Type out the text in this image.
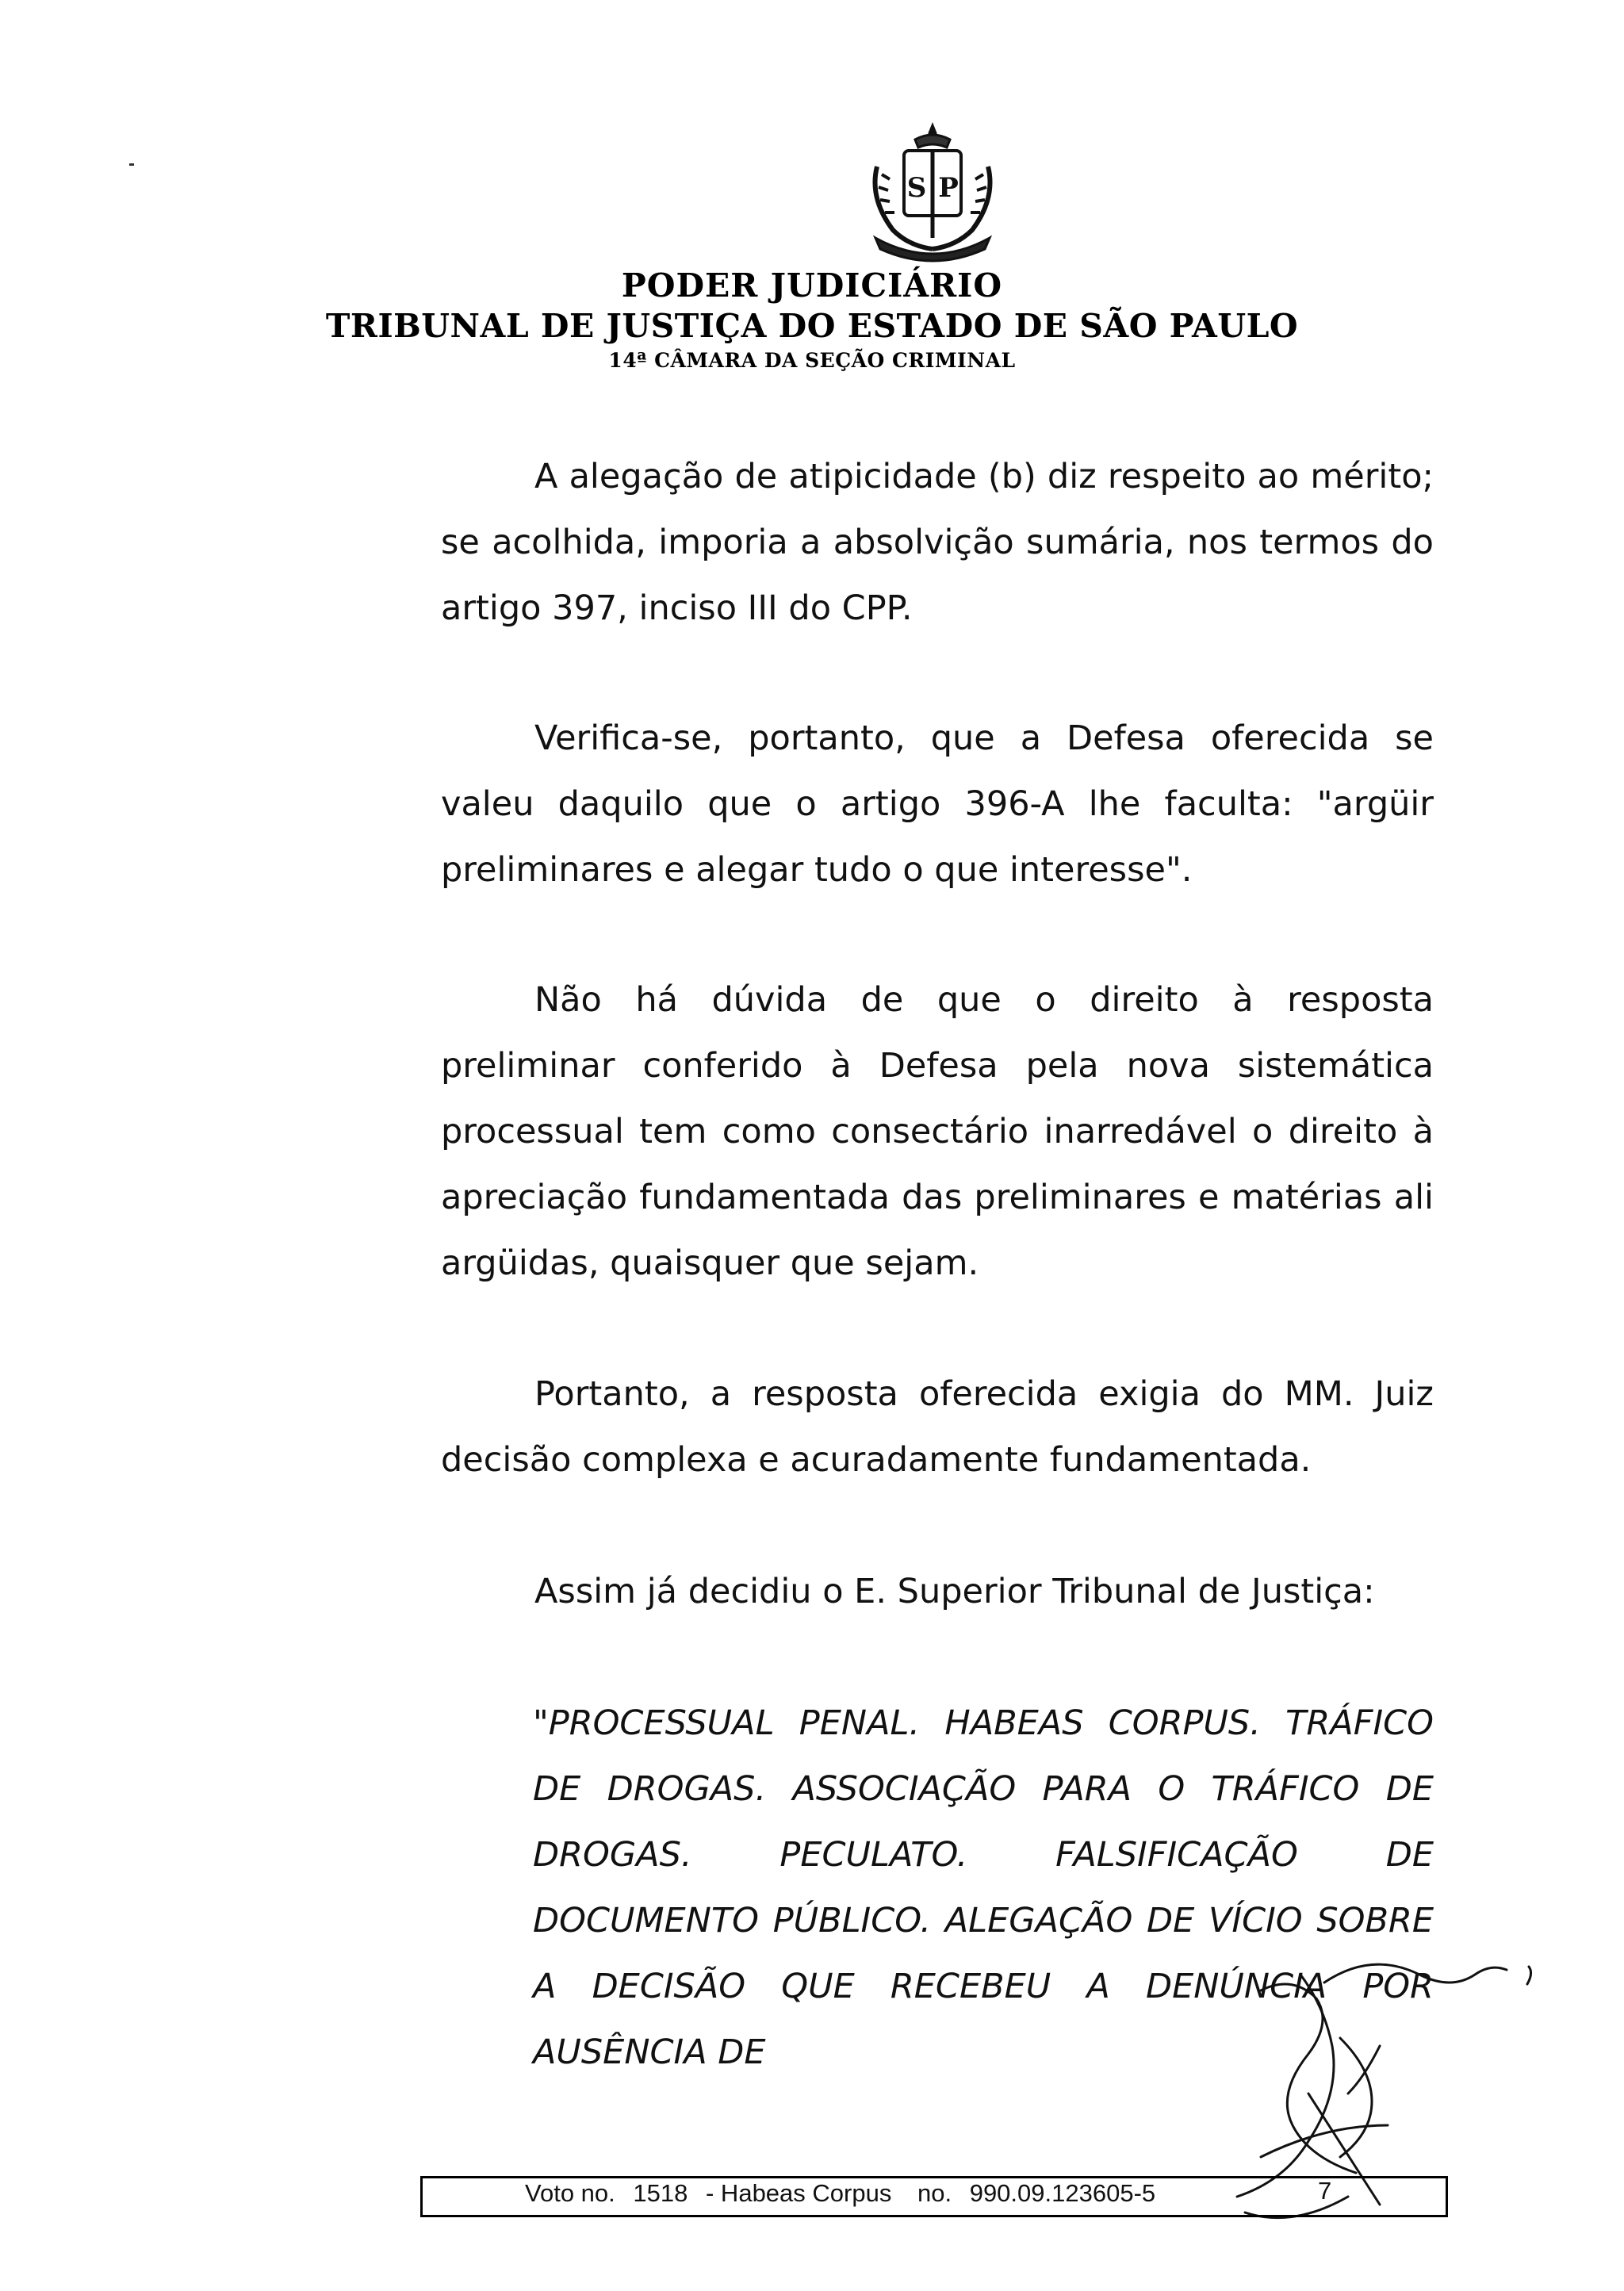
S P
PODER JUDICIÁRIO
TRIBUNAL DE JUSTIÇA DO ESTADO DE SÃO PAULO
14ª CÂMARA DA SEÇÃO CRIMINAL

A alegação de atipicidade (b) diz respeito ao mérito; se acolhida, imporia a absolvição sumária, nos termos do artigo 397, inciso III do CPP.

Verifica-se, portanto, que a Defesa oferecida se valeu daquilo que o artigo 396-A lhe faculta: "argüir preliminares e alegar tudo o que interesse".

Não há dúvida de que o direito à resposta preliminar conferido à Defesa pela nova sistemática processual tem como consectário inarredável o direito à apreciação fundamentada das preliminares e matérias ali argüidas, quaisquer que sejam.

Portanto, a resposta oferecida exigia do MM. Juiz decisão complexa e acuradamente fundamentada.

Assim já decidiu o E. Superior Tribunal de Justiça:

"PROCESSUAL PENAL. HABEAS CORPUS. TRÁFICO DE DROGAS. ASSOCIAÇÃO PARA O TRÁFICO DE DROGAS. PECULATO. FALSIFICAÇÃO DE DOCUMENTO PÚBLICO. ALEGAÇÃO DE VÍCIO SOBRE A DECISÃO QUE RECEBEU A DENÚNCIA POR AUSÊNCIA DE

Voto no. 1518 - Habeas Corpus no. 990.09.123605-5	7
